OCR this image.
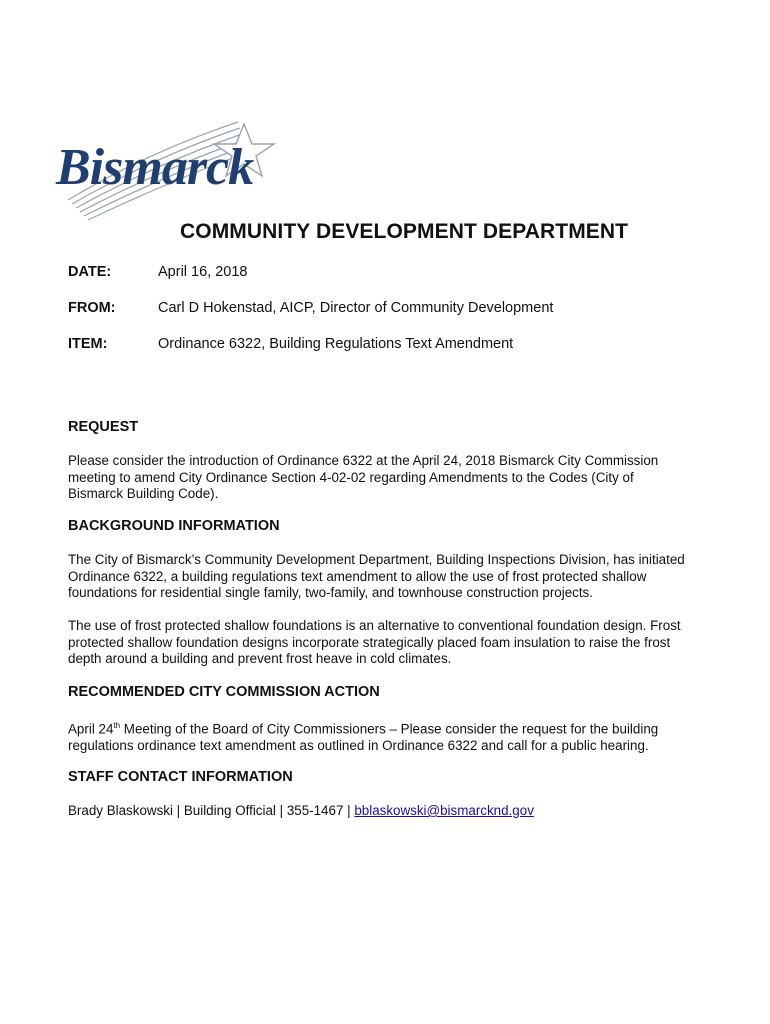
Bismarck
COMMUNITY DEVELOPMENT DEPARTMENT
DATE:	April 16, 2018
FROM:	Carl D Hokenstad, AICP, Director of Community Development
ITEM:	Ordinance 6322, Building Regulations Text Amendment
REQUEST
Please consider the introduction of Ordinance 6322 at the April 24, 2018 Bismarck City Commission meeting to amend City Ordinance Section 4-02-02 regarding Amendments to the Codes (City of Bismarck Building Code).
BACKGROUND INFORMATION
The City of Bismarck’s Community Development Department, Building Inspections Division, has initiated Ordinance 6322, a building regulations text amendment to allow the use of frost protected shallow foundations for residential single family, two-family, and townhouse construction projects.
The use of frost protected shallow foundations is an alternative to conventional foundation design. Frost protected shallow foundation designs incorporate strategically placed foam insulation to raise the frost depth around a building and prevent frost heave in cold climates.
RECOMMENDED CITY COMMISSION ACTION
April 24th Meeting of the Board of City Commissioners – Please consider the request for the building regulations ordinance text amendment as outlined in Ordinance 6322 and call for a public hearing.
STAFF CONTACT INFORMATION
Brady Blaskowski | Building Official | 355-1467 | bblaskowski@bismarcknd.gov
